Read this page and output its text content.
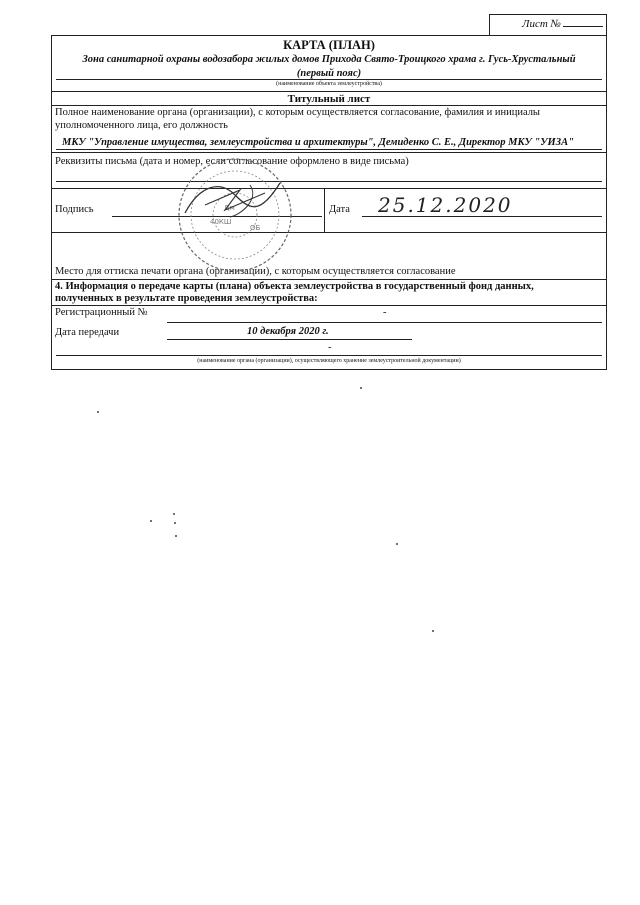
Лист №
КАРТА (ПЛАН)
Зона санитарной охраны водозабора жилых домов Прихода Свято-Троицкого храма г. Гусь-Хрустальный
(первый пояс)
(наименование объекта землеустройства)
Титульный лист
Полное наименование органа (организации), с которым осуществляется согласование, фамилия и инициалы
уполномоченного лица, его должность
МКУ "Управление имущества, землеустройства и архитектуры", Демиденко С. Е., Директор МКУ "УИЗА"
Реквизиты письма (дата и номер, если согласование оформлено в виде письма)
Подпись	Дата 25.12.2020
Место для оттиска печати органа (организации), с которым осуществляется согласование
4. Информация о передаче карты (плана) объекта землеустройства в государственный фонд данных,
полученных в результате проведения землеустройства:
Регистрационный №	-
Дата передачи	10 декабря 2020 г.
-
(наименование органа (организации), осуществляющего хранение землеустроительной документации)
40КШ
ОБ
Дм
